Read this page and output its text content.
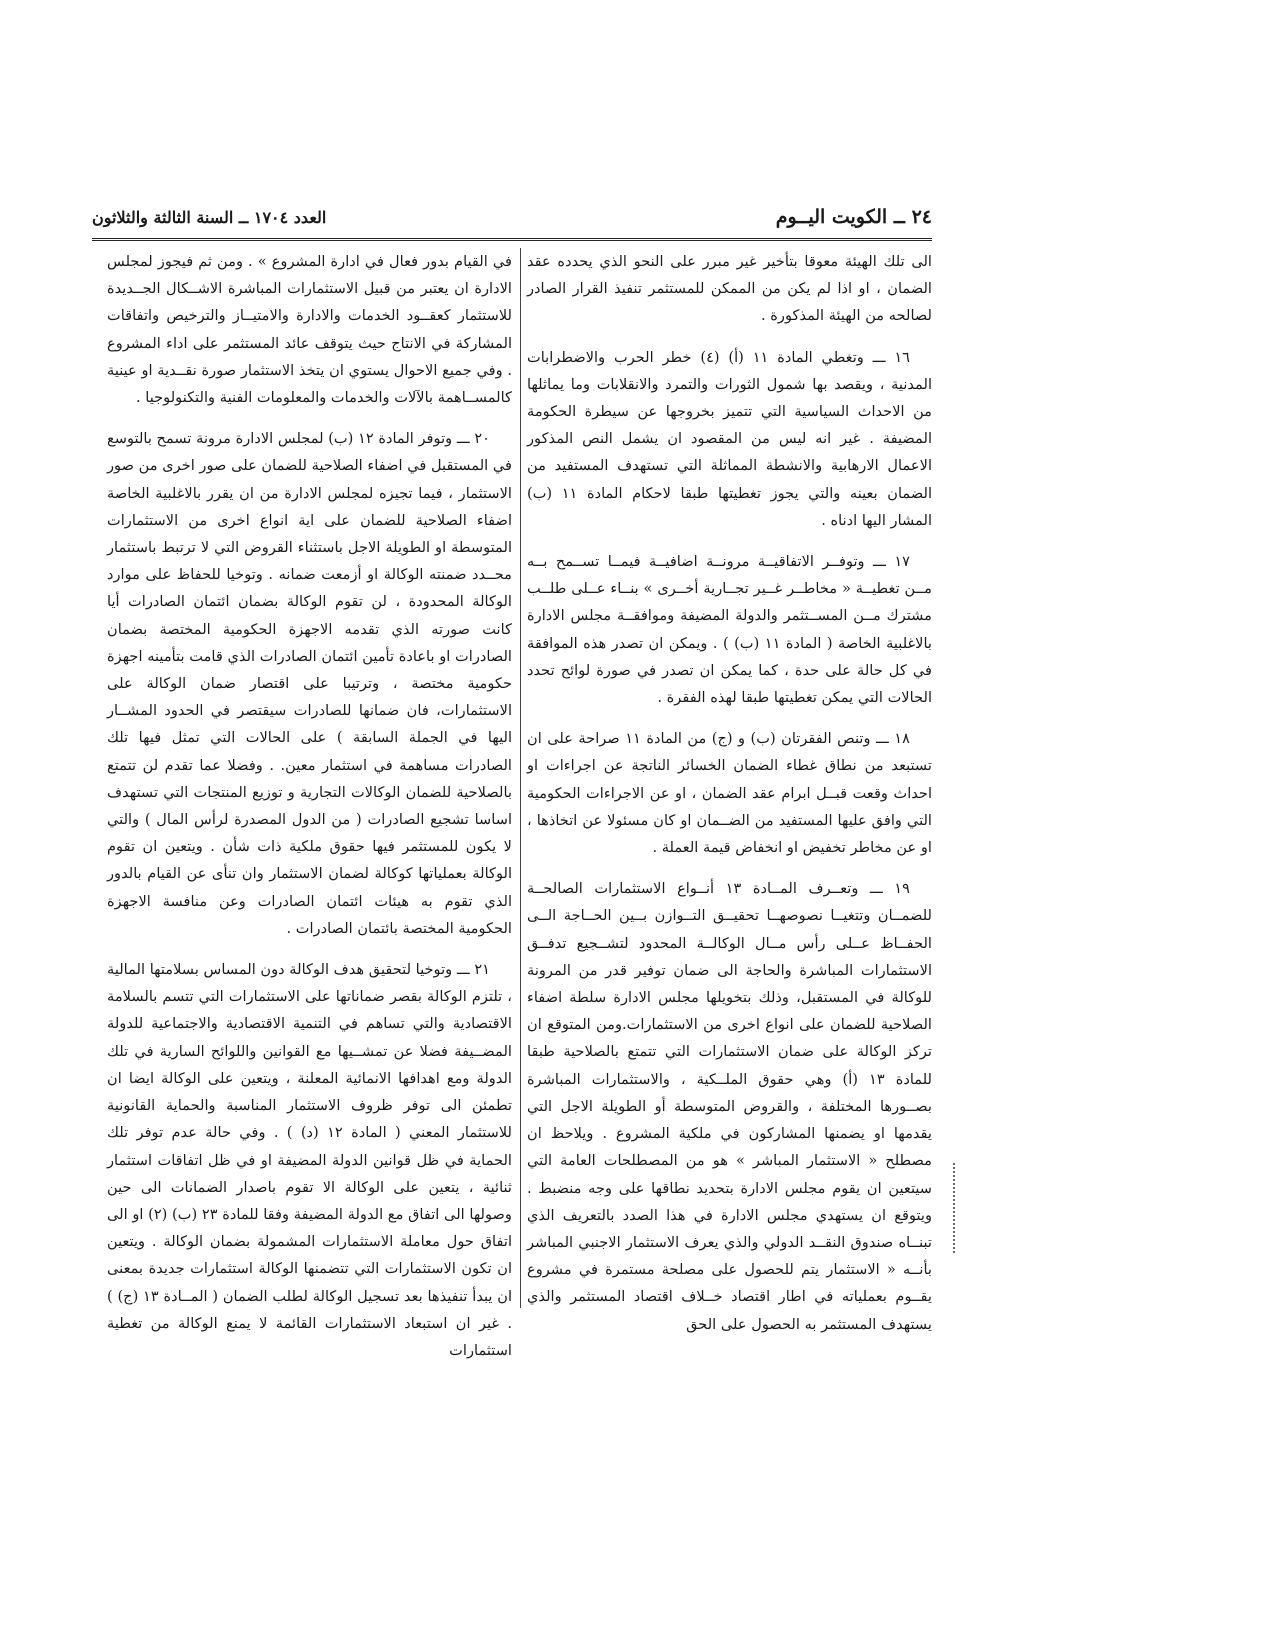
٢٤ ــ الكويت اليــوم
العدد ١٧٠٤ ــ السنة الثالثة والثلاثون

الى تلك الهيئة معوقا بتأخير غير مبرر على النحو الذي يحدده عقد الضمان ، او اذا لم يكن من الممكن للمستثمر تنفيذ القرار الصادر لصالحه من الهيئة المذكورة .

١٦ ـــ وتغطي المادة ١١ (أ) (٤) خطر الحرب والاضطرابات المدنية ، ويقصد بها شمول الثورات والتمرد والانقلابات وما يماثلها من الاحداث السياسية التي تتميز بخروجها عن سيطرة الحكومة المضيفة . غير انه ليس من المقصود ان يشمل النص المذكور الاعمال الارهابية والانشطة المماثلة التي تستهدف المستفيد من الضمان بعينه والتي يجوز تغطيتها طبقا لاحكام المادة ١١ (ب) المشار اليها ادناه .

١٧ ـــ وتوفــر الاتفاقيــة مرونــة اضافيــة فيمــا تســمح بــه مــن تغطيــة « مخاطــر غــير تجــارية أخــرى » بنــاء عــلى طلــب مشترك مــن المســتثمر والدولة المضيفة وموافقــة مجلس الادارة بالاغلبية الخاصة ( المادة ١١ (ب) ) . ويمكن ان تصدر هذه الموافقة في كل حالة على حدة ، كما يمكن ان تصدر في صورة لوائح تحدد الحالات التي يمكن تغطيتها طبقا لهذه الفقرة .

١٨ ـــ وتنص الفقرتان (ب) و (ج) من المادة ١١ صراحة على ان تستبعد من نطاق غطاء الضمان الخسائر الناتجة عن اجراءات او احداث وقعت قبــل ابرام عقد الضمان ، او عن الاجراءات الحكومية التي وافق عليها المستفيد من الضــمان او كان مسئولا عن اتخاذها ، او عن مخاطر تخفيض او انخفاض قيمة العملة .

١٩ ـــ وتعــرف المــادة ١٣ أنــواع الاستثمارات الصالحــة للضمــان وتتغيــا نصوصهــا تحقيــق التــوازن بــين الحــاجة الــى الحفــاظ عــلى رأس مــال الوكالــة المحدود لتشــجيع تدفــق الاستثمارات المباشرة والحاجة الى ضمان توفير قدر من المرونة للوكالة في المستقبل، وذلك بتخويلها مجلس الادارة سلطة اضفاء الصلاحية للضمان على انواع اخرى من الاستثمارات.ومن المتوقع ان تركز الوكالة على ضمان الاستثمارات التي تتمتع بالصلاحية طبقا للمادة ١٣ (أ) وهي حقوق الملــكية ، والاستثمارات المباشرة بصــورها المختلفة ، والقروض المتوسطة أو الطويلة الاجل التي يقدمها او يضمنها المشاركون في ملكية المشروع . ويلاحظ ان مصطلح « الاستثمار المباشر » هو من المصطلحات العامة التي سيتعين ان يقوم مجلس الادارة بتحديد نطاقها على وجه منضبط . ويتوقع ان يستهدي مجلس الادارة في هذا الصدد بالتعريف الذي تبنــاه صندوق النقــد الدولي والذي يعرف الاستثمار الاجنبي المباشر بأنــه « الاستثمار يتم للحصول على مصلحة مستمرة في مشروع يقــوم بعملياته في اطار اقتصاد خــلاف اقتصاد المستثمر والذي يستهدف المستثمر به الحصول على الحق

في القيام بدور فعال في ادارة المشروع » . ومن ثم فيجوز لمجلس الادارة ان يعتبر من قبيل الاستثمارات المباشرة الاشــكال الجــديدة للاستثمار كعقــود الخدمات والادارة والامتيــاز والترخيص واتفاقات المشاركة في الانتاج حيث يتوقف عائد المستثمر على اداء المشروع . وفي جميع الاحوال يستوي ان يتخذ الاستثمار صورة نقــدية او عينية كالمســاهمة بالآلات والخدمات والمعلومات الفنية والتكنولوجيا .

٢٠ ـــ وتوفر المادة ١٢ (ب) لمجلس الادارة مرونة تسمح بالتوسع في المستقبل في اضفاء الصلاحية للضمان على صور اخرى من صور الاستثمار ، فيما تجيزه لمجلس الادارة من ان يقرر بالاغلبية الخاصة اضفاء الصلاحية للضمان على اية انواع اخرى من الاستثمارات المتوسطة او الطويلة الاجل باستثناء القروض التي لا ترتبط باستثمار محــدد ضمنته الوكالة او أزمعت ضمانه . وتوخيا للحفاظ على موارد الوكالة المحدودة ، لن تقوم الوكالة بضمان ائتمان الصادرات أيا كانت صورته الذي تقدمه الاجهزة الحكومية المختصة بضمان الصادرات او باعادة تأمين ائتمان الصادرات الذي قامت بتأمينه اجهزة حكومية مختصة ، وترتيبا على اقتصار ضمان الوكالة على الاستثمارات، فان ضمانها للصادرات سيقتصر في الحدود المشــار اليها في الجملة السابقة ) على الحالات التي تمثل فيها تلك الصادرات مساهمة في استثمار معين. . وفضلا عما تقدم لن تتمتع بالصلاحية للضمان الوكالات التجارية و توزيع المنتجات التي تستهدف اساسا تشجيع الصادرات ( من الدول المصدرة لرأس المال ) والتي لا يكون للمستثمر فيها حقوق ملكية ذات شأن . ويتعين ان تقوم الوكالة بعملياتها كوكالة لضمان الاستثمار وان تنأى عن القيام بالدور الذي تقوم به هيئات ائتمان الصادرات وعن منافسة الاجهزة الحكومية المختصة بائتمان الصادرات .

٢١ ـــ وتوخيا لتحقيق هدف الوكالة دون المساس بسلامتها المالية ، تلتزم الوكالة بقصر ضماناتها على الاستثمارات التي تتسم بالسلامة الاقتصادية والتي تساهم في التنمية الاقتصادية والاجتماعية للدولة المضــيفة فضلا عن تمشــيها مع القوانين واللوائح السارية في تلك الدولة ومع اهدافها الانمائية المعلنة ، ويتعين على الوكالة ايضا ان تطمئن الى توفر ظروف الاستثمار المناسبة والحماية القانونية للاستثمار المعني ( المادة ١٢ (د) ) . وفي حالة عدم توفر تلك الحماية في ظل قوانين الدولة المضيفة او في ظل اتفاقات استثمار ثنائية ، يتعين على الوكالة الا تقوم باصدار الضمانات الى حين وصولها الى اتفاق مع الدولة المضيفة وفقا للمادة ٢٣ (ب) (٢) او الى اتفاق حول معاملة الاستثمارات المشمولة بضمان الوكالة . ويتعين ان تكون الاستثمارات التي تتضمنها الوكالة استثمارات جديدة بمعنى ان يبدأ تنفيذها بعد تسجيل الوكالة لطلب الضمان ( المــادة ١٣ (ج) ) . غير ان استبعاد الاستثمارات القائمة لا يمنع الوكالة من تغطية استثمارات
